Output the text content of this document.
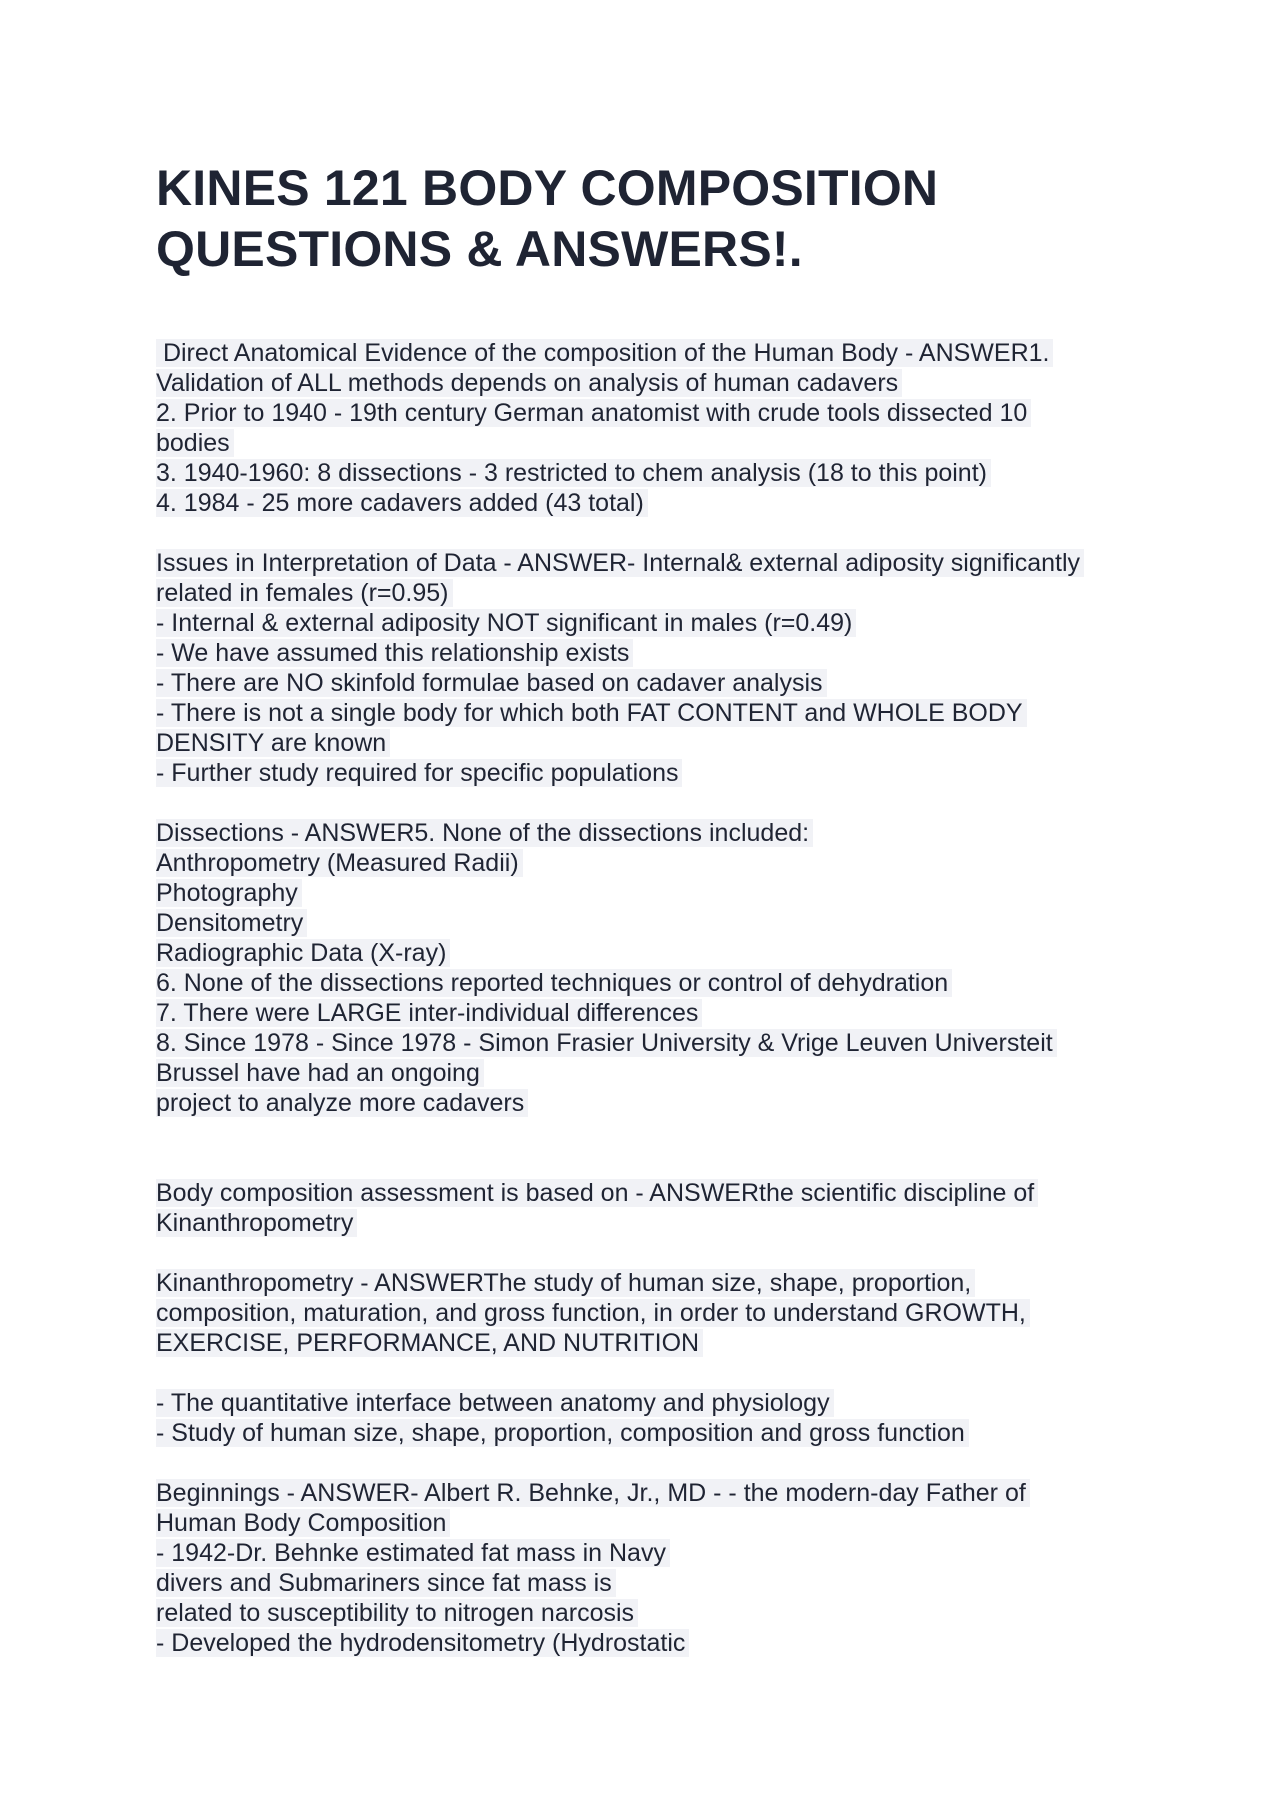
KINES 121 BODY COMPOSITION
QUESTIONS & ANSWERS!.
Direct Anatomical Evidence of the composition of the Human Body - ANSWER1.
Validation of ALL methods depends on analysis of human cadavers
2. Prior to 1940 - 19th century German anatomist with crude tools dissected 10
bodies
3. 1940-1960: 8 dissections - 3 restricted to chem analysis (18 to this point)
4. 1984 - 25 more cadavers added (43 total)
Issues in Interpretation of Data - ANSWER- Internal& external adiposity significantly
related in females (r=0.95)
- Internal & external adiposity NOT significant in males (r=0.49)
- We have assumed this relationship exists
- There are NO skinfold formulae based on cadaver analysis
- There is not a single body for which both FAT CONTENT and WHOLE BODY
DENSITY are known
- Further study required for specific populations
Dissections - ANSWER5. None of the dissections included:
Anthropometry (Measured Radii)
Photography
Densitometry
Radiographic Data (X-ray)
6. None of the dissections reported techniques or control of dehydration
7. There were LARGE inter-individual differences
8. Since 1978 - Since 1978 - Simon Frasier University & Vrige Leuven Universteit
Brussel have had an ongoing
project to analyze more cadavers
Body composition assessment is based on - ANSWERthe scientific discipline of
Kinanthropometry
Kinanthropometry - ANSWERThe study of human size, shape, proportion,
composition, maturation, and gross function, in order to understand GROWTH,
EXERCISE, PERFORMANCE, AND NUTRITION
- The quantitative interface between anatomy and physiology
- Study of human size, shape, proportion, composition and gross function
Beginnings - ANSWER- Albert R. Behnke, Jr., MD - - the modern-day Father of
Human Body Composition
- 1942-Dr. Behnke estimated fat mass in Navy
divers and Submariners since fat mass is
related to susceptibility to nitrogen narcosis
- Developed the hydrodensitometry (Hydrostatic
